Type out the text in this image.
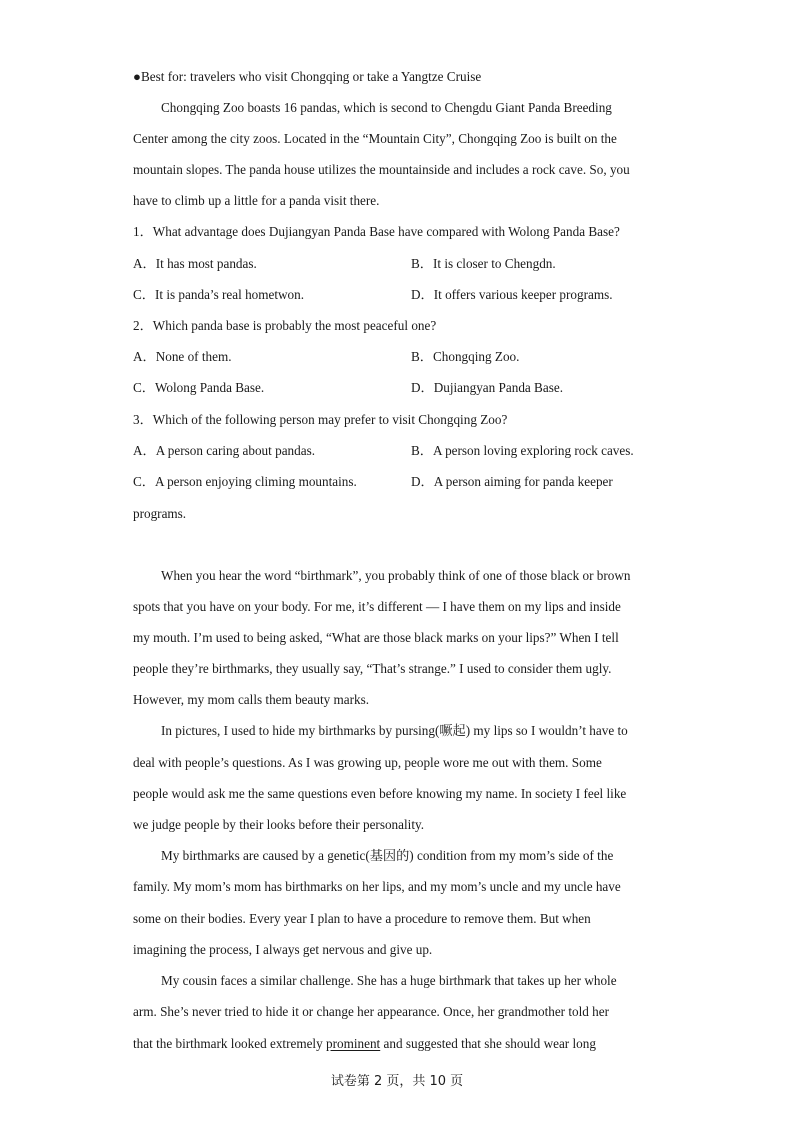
●Best for: travelers who visit Chongqing or take a Yangtze Cruise
Chongqing Zoo boasts 16 pandas, which is second to Chengdu Giant Panda Breeding
Center among the city zoos. Located in the “Mountain City”, Chongqing Zoo is built on the
mountain slopes. The panda house utilizes the mountainside and includes a rock cave. So, you
have to climb up a little for a panda visit there.
1．What advantage does Dujiangyan Panda Base have compared with Wolong Panda Base?
A．It has most pandas.	B．It is closer to Chengdn.
C．It is panda’s real hometwon.	D．It offers various keeper programs.
2．Which panda base is probably the most peaceful one?
A．None of them.	B．Chongqing Zoo.
C．Wolong Panda Base.	D．Dujiangyan Panda Base.
3．Which of the following person may prefer to visit Chongqing Zoo?
A．A person caring about pandas.	B．A person loving exploring rock caves.
C．A person enjoying climing mountains.	D．A person aiming for panda keeper
programs.
When you hear the word “birthmark”, you probably think of one of those black or brown
spots that you have on your body. For me, it’s different — I have them on my lips and inside
my mouth. I’m used to being asked, “What are those black marks on your lips?” When I tell
people they’re birthmarks, they usually say, “That’s strange.” I used to consider them ugly.
However, my mom calls them beauty marks.
In pictures, I used to hide my birthmarks by pursing(噘起) my lips so I wouldn’t have to
deal with people’s questions. As I was growing up, people wore me out with them. Some
people would ask me the same questions even before knowing my name. In society I feel like
we judge people by their looks before their personality.
My birthmarks are caused by a genetic(基因的) condition from my mom’s side of the
family. My mom’s mom has birthmarks on her lips, and my mom’s uncle and my uncle have
some on their bodies. Every year I plan to have a procedure to remove them. But when
imagining the process, I always get nervous and give up.
My cousin faces a similar challenge. She has a huge birthmark that takes up her whole
arm. She’s never tried to hide it or change her appearance. Once, her grandmother told her
that the birthmark looked extremely prominent and suggested that she should wear long
试卷第 2 页，共 10 页
